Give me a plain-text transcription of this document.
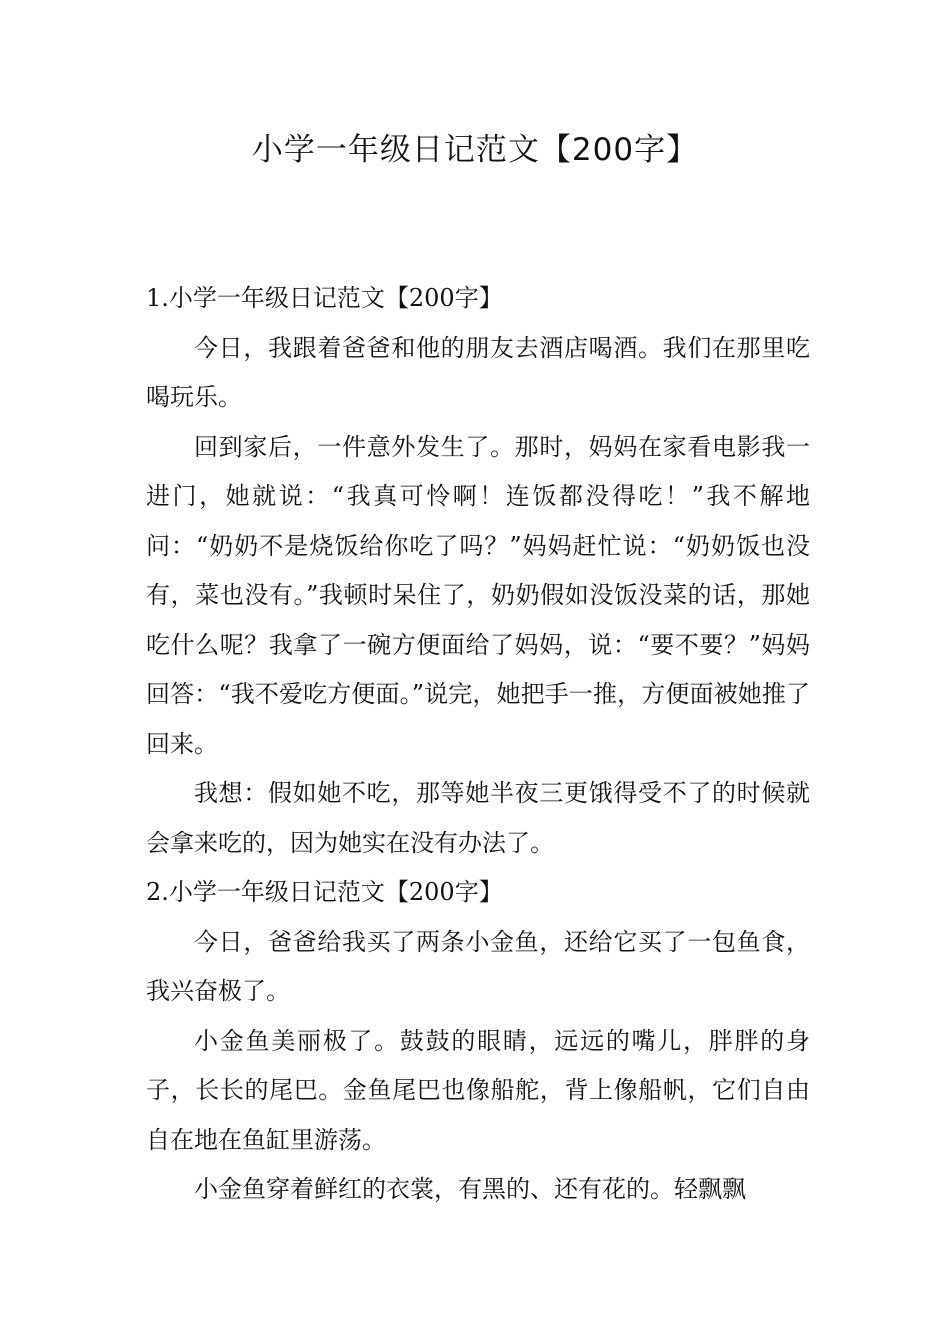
小学一年级日记范文【200字】

1.小学一年级日记范文【200字】

今日，我跟着爸爸和他的朋友去酒店喝酒。我们在那里吃喝玩乐。

回到家后，一件意外发生了。那时，妈妈在家看电影我一进门，她就说：“我真可怜啊！连饭都没得吃！”我不解地问：“奶奶不是烧饭给你吃了吗？”妈妈赶忙说：“奶奶饭也没有，菜也没有。”我顿时呆住了，奶奶假如没饭没菜的话，那她吃什么呢？我拿了一碗方便面给了妈妈，说：“要不要？”妈妈回答：“我不爱吃方便面。”说完，她把手一推，方便面被她推了回来。

我想：假如她不吃，那等她半夜三更饿得受不了的时候就会拿来吃的，因为她实在没有办法了。

2.小学一年级日记范文【200字】

今日，爸爸给我买了两条小金鱼，还给它买了一包鱼食，我兴奋极了。

小金鱼美丽极了。鼓鼓的眼睛，远远的嘴儿，胖胖的身子，长长的尾巴。金鱼尾巴也像船舵，背上像船帆，它们自由自在地在鱼缸里游荡。

小金鱼穿着鲜红的衣裳，有黑的、还有花的。轻飘飘
